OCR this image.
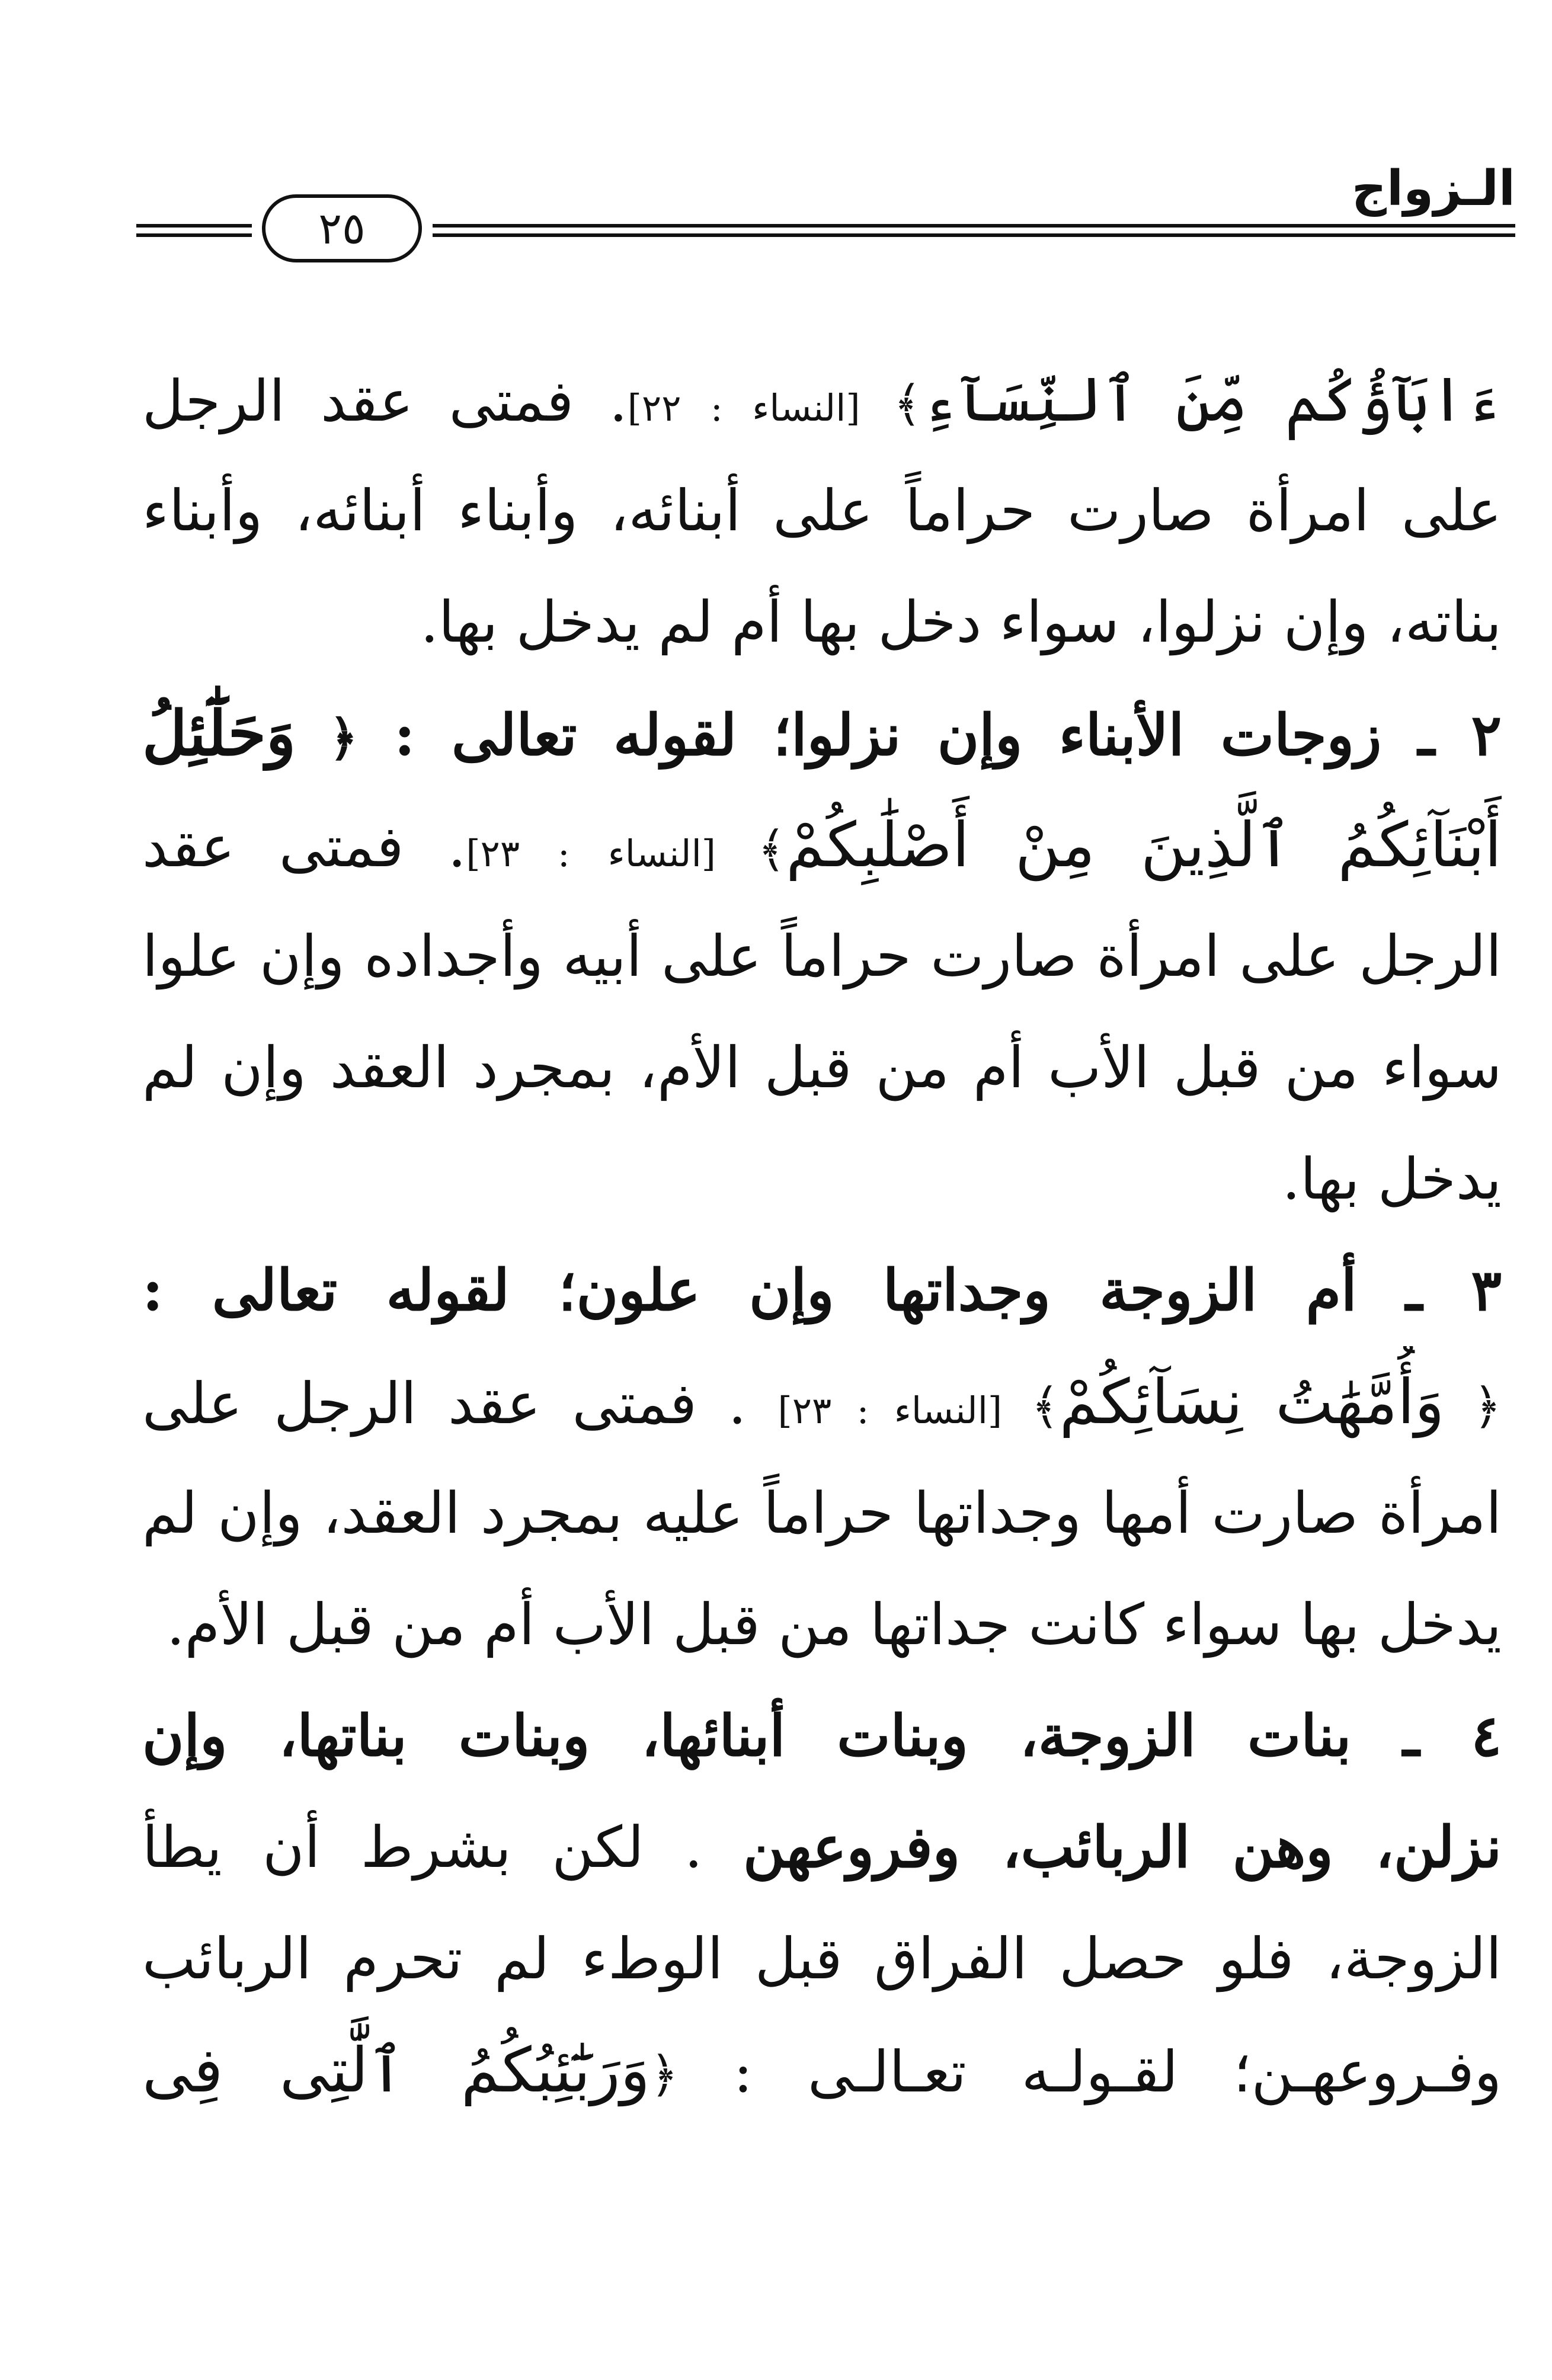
الـزواج
٢٥
ءَابَآؤُكُم مِّنَ ٱلنِّسَآءِ﴾ [النساء : ٢٢]. فمتى عقد الرجل
على امرأة صارت حراماً على أبنائه، وأبناء أبنائه، وأبناء
بناته، وإن نزلوا، سواء دخل بها أم لم يدخل بها.
٢ ـ زوجات الأبناء وإن نزلوا؛ لقوله تعالى : ﴿ وَحَلَٰٓئِلُ
أَبْنَآئِكُمُ ٱلَّذِينَ مِنْ أَصْلَٰبِكُمْ﴾ [النساء : ٢٣]. فمتى عقد
الرجل على امرأة صارت حراماً على أبيه وأجداده وإن علوا
سواء من قبل الأب أم من قبل الأم، بمجرد العقد وإن لم
يدخل بها.
٣ ـ أم الزوجة وجداتها وإن علون؛ لقوله تعالى :
﴿ وَأُمَّهَٰتُ نِسَآئِكُمْ﴾ [النساء : ٢٣] . فمتى عقد الرجل على
امرأة صارت أمها وجداتها حراماً عليه بمجرد العقد، وإن لم
يدخل بها سواء كانت جداتها من قبل الأب أم من قبل الأم.
٤ ـ بنات الزوجة، وبنات أبنائها، وبنات بناتها، وإن
نزلن، وهن الربائب، وفروعهن . لكن بشرط أن يطأ
الزوجة، فلو حصل الفراق قبل الوطء لم تحرم الربائب
وفـروعهـن؛ لقـولـه تعـالـى : ﴿وَرَبَٰٓئِبُكُمُ ٱلَّٰتِى فِى
